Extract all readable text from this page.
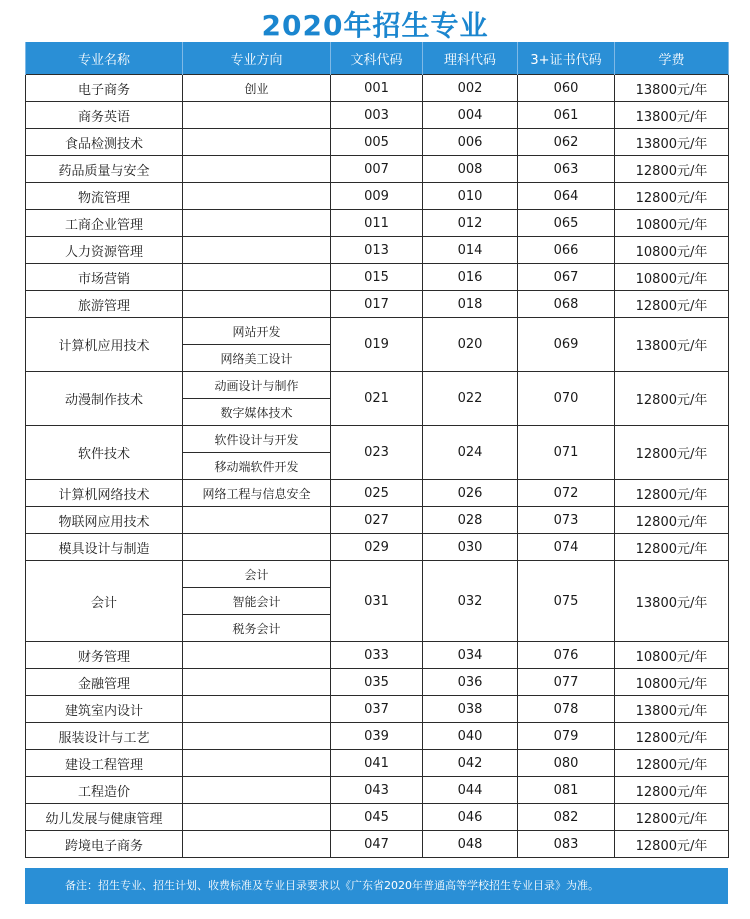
2020年招生专业
专业名称	专业方向	文科代码	理科代码	3+证书代码	学费
电子商务	创业	001	002	060	13800元/年
商务英语		003	004	061	13800元/年
食品检测技术		005	006	062	13800元/年
药品质量与安全		007	008	063	12800元/年
物流管理		009	010	064	12800元/年
工商企业管理		011	012	065	10800元/年
人力资源管理		013	014	066	10800元/年
市场营销		015	016	067	10800元/年
旅游管理		017	018	068	12800元/年
计算机应用技术	网站开发	019	020	069	13800元/年
	网络美工设计				
动漫制作技术	动画设计与制作	021	022	070	12800元/年
	数字媒体技术				
软件技术	软件设计与开发	023	024	071	12800元/年
	移动端软件开发				
计算机网络技术	网络工程与信息安全	025	026	072	12800元/年
物联网应用技术		027	028	073	12800元/年
模具设计与制造		029	030	074	12800元/年
会计	会计	031	032	075	13800元/年
	智能会计				
	税务会计				
财务管理		033	034	076	10800元/年
金融管理		035	036	077	10800元/年
建筑室内设计		037	038	078	13800元/年
服装设计与工艺		039	040	079	12800元/年
建设工程管理		041	042	080	12800元/年
工程造价		043	044	081	12800元/年
幼儿发展与健康管理		045	046	082	12800元/年
跨境电子商务		047	048	083	12800元/年
备注：招生专业、招生计划、收费标准及专业目录要求以《广东省2020年普通高等学校招生专业目录》为准。
